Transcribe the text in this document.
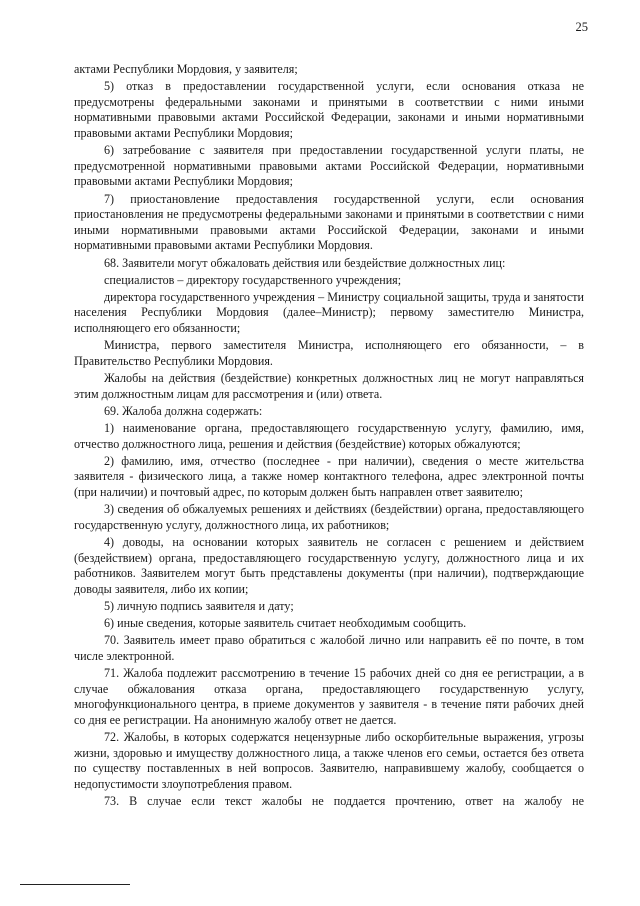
25

актами Республики Мордовия, у заявителя;

5) отказ в предоставлении государственной услуги, если основания отказа не предусмотрены федеральными законами и принятыми в соответствии с ними иными нормативными правовыми актами Российской Федерации, законами и иными нормативными правовыми актами Республики Мордовия;

6) затребование с заявителя при предоставлении государственной услуги платы, не предусмотренной нормативными правовыми актами Российской Федерации, нормативными правовыми актами Республики Мордовия;

7) приостановление предоставления государственной услуги, если основания приостановления не предусмотрены федеральными законами и принятыми в соответствии с ними иными нормативными правовыми актами Российской Федерации, законами и иными нормативными правовыми актами Республики Мордовия.

68. Заявители могут обжаловать действия или бездействие должностных лиц:

специалистов – директору государственного учреждения;

директора государственного учреждения – Министру социальной защиты, труда и занятости населения Республики Мордовия (далее–Министр); первому заместителю Министра, исполняющего его обязанности;

Министра, первого заместителя Министра, исполняющего его обязанности, – в Правительство Республики Мордовия.

Жалобы на действия (бездействие) конкретных должностных лиц не могут направляться этим должностным лицам для рассмотрения и (или) ответа.

69. Жалоба должна содержать:

1) наименование органа, предоставляющего государственную услугу, фамилию, имя, отчество должностного лица, решения и действия (бездействие) которых обжалуются;

2) фамилию, имя, отчество (последнее - при наличии), сведения о месте жительства заявителя - физического лица, а также номер контактного телефона, адрес электронной почты (при наличии) и почтовый адрес, по которым должен быть направлен ответ заявителю;

3) сведения об обжалуемых решениях и действиях (бездействии) органа, предоставляющего государственную услугу, должностного лица, их работников;

4) доводы, на основании которых заявитель не согласен с решением и действием (бездействием) органа, предоставляющего государственную услугу, должностного лица и их работников. Заявителем могут быть представлены документы (при наличии), подтверждающие доводы заявителя, либо их копии;

5) личную подпись заявителя и дату;

6) иные сведения, которые заявитель считает необходимым сообщить.

70. Заявитель имеет право обратиться с жалобой лично или направить её по почте, в том числе электронной.

71. Жалоба подлежит рассмотрению в течение 15 рабочих дней со дня ее регистрации, а в случае обжалования отказа органа, предоставляющего государственную услугу, многофункционального центра, в приеме документов у заявителя - в течение пяти рабочих дней со дня ее регистрации. На анонимную жалобу ответ не дается.

72. Жалобы, в которых содержатся нецензурные либо оскорбительные выражения, угрозы жизни, здоровью и имуществу должностного лица, а также членов его семьи, остается без ответа по существу поставленных в ней вопросов. Заявителю, направившему жалобу, сообщается о недопустимости злоупотребления правом.

73. В случае если текст жалобы не поддается прочтению, ответ на жалобу не
